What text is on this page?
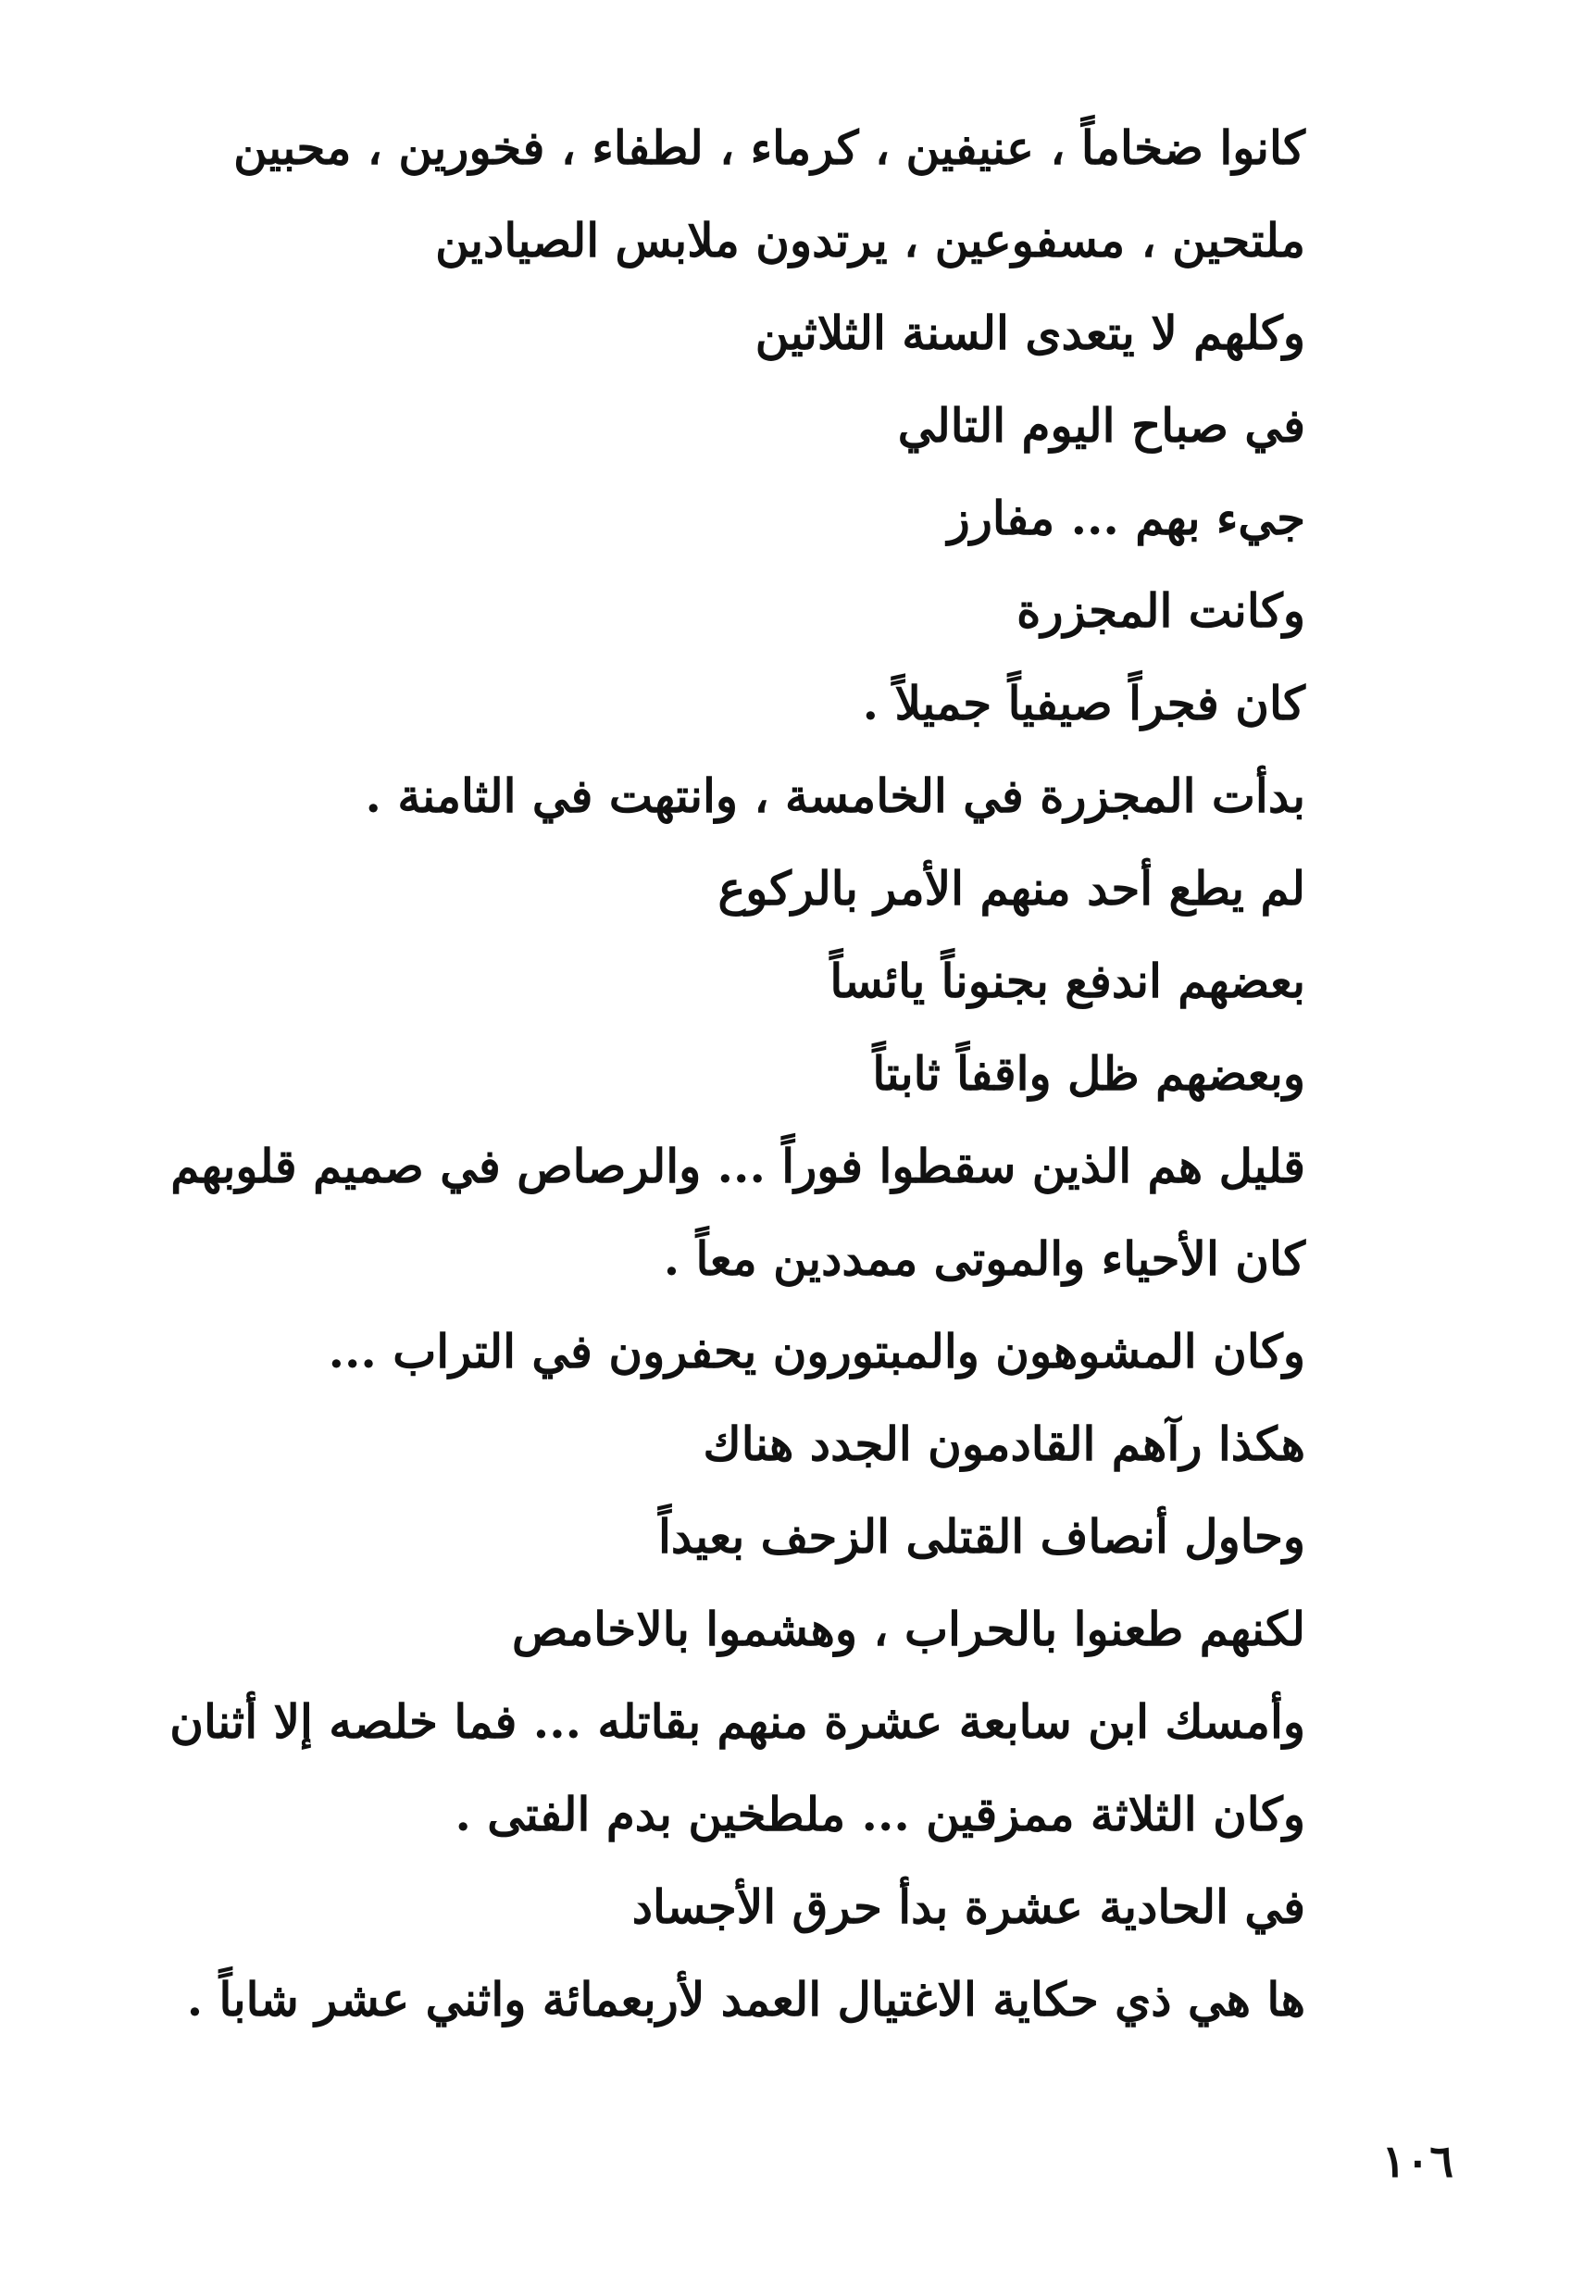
كانوا ضخاماً ، عنيفين ، كرماء ، لطفاء ، فخورين ، محبين
ملتحين ، مسفوعين ، يرتدون ملابس الصيادين
وكلهم لا يتعدى السنة الثلاثين
في صباح اليوم التالي
جيء بهم ... مفارز
وكانت المجزرة
كان فجراً صيفياً جميلاً .
بدأت المجزرة في الخامسة ، وانتهت في الثامنة .
لم يطع أحد منهم الأمر بالركوع
بعضهم اندفع بجنوناً يائساً
وبعضهم ظل واقفاً ثابتاً
قليل هم الذين سقطوا فوراً ... والرصاص في صميم قلوبهم
كان الأحياء والموتى ممددين معاً .
وكان المشوهون والمبتورون يحفرون في التراب ...
هكذا رآهم القادمون الجدد هناك
وحاول أنصاف القتلى الزحف بعيداً
لكنهم طعنوا بالحراب ، وهشموا بالاخامص
وأمسك ابن سابعة عشرة منهم بقاتله ... فما خلصه إلا أثنان
وكان الثلاثة ممزقين ... ملطخين بدم الفتى .
في الحادية عشرة بدأ حرق الأجساد
ها هي ذي حكاية الاغتيال العمد لأربعمائة واثني عشر شاباً .
١٠٦
